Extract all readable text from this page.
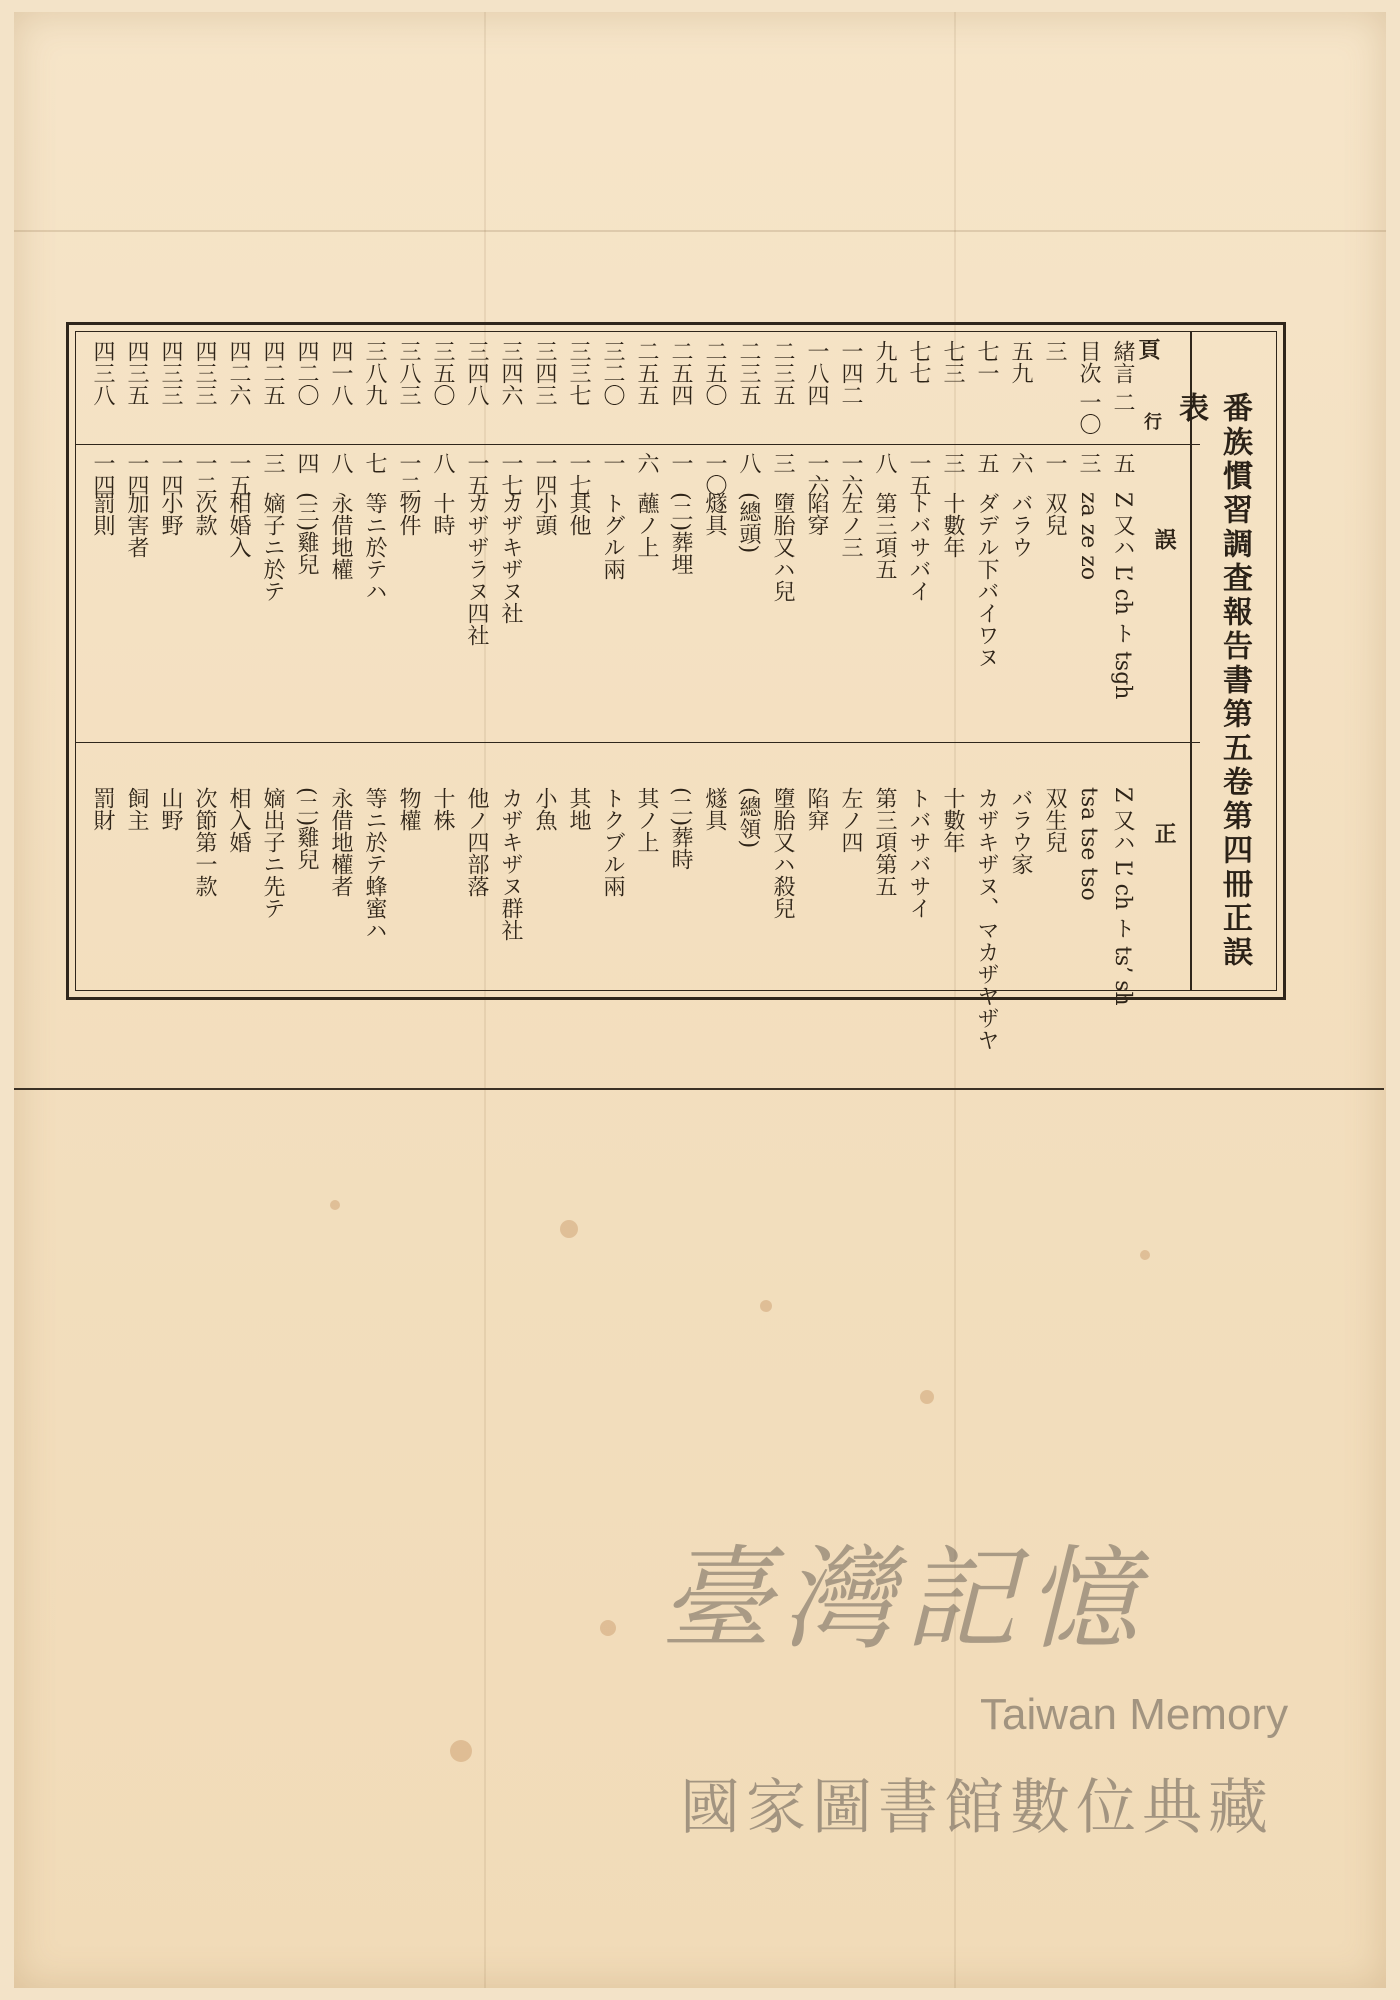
番族慣習調査報告書第五卷第四冊正誤表
頁
行
誤
正
緒言 二
五
Z 又ハ L’ ch ト tsgh
Z 又ハ L’ ch ト ts’ sh
目次 一〇
三
za ze zo
tsa tse tso
三
一
双兒
双生兒
五九
六
バラウ
バラウ家
七一
五
ダデル下バイワヌ
カザキザヌ、マカザヤザヤ
七三
三
十數年
十數年
七七
一五
トバサバイ
トバサバサイ
九九
八
第三項五
第三項第五
一四二
一六
左ノ三
左ノ四
一八四
一六
陷穿
陷穽
二三五
三
墮胎又ハ兒
墮胎又ハ殺兒
二三五
八
(總頭)
(總領)
二五〇
一〇
燧具
燧具
二五四
一
(二)葬埋
(二)葬時
二五五
六
蘸ノ上
其ノ上
三二〇
一
トグル兩
トクブル兩
三三七
一七
其他
其地
三四三
一四
小頭
小魚
三四六
一七
カザキザヌ社
カザキザヌ群社
三四八
一五
カザザラヌ四社
他ノ四部落
三五〇
八
十時
十株
三八三
一二
物件
物權
三八九
七
等ニ於テハ
等ニ於テ蜂蜜ハ
四一八
八
永借地權
永借地權者
四二〇
四
(三)雞兒
(二)雞兒
四二五
三
嫡子ニ於テ
嫡出子ニ先テ
四二六
一五
相婚入
相入婚
四三三
一二
次款
次節第一款
四三三
一四
小野
山野
四三五
一四
加害者
飼主
四三八
一四
罰則
罰財
臺灣記憶
Taiwan Memory
國家圖書館數位典藏
